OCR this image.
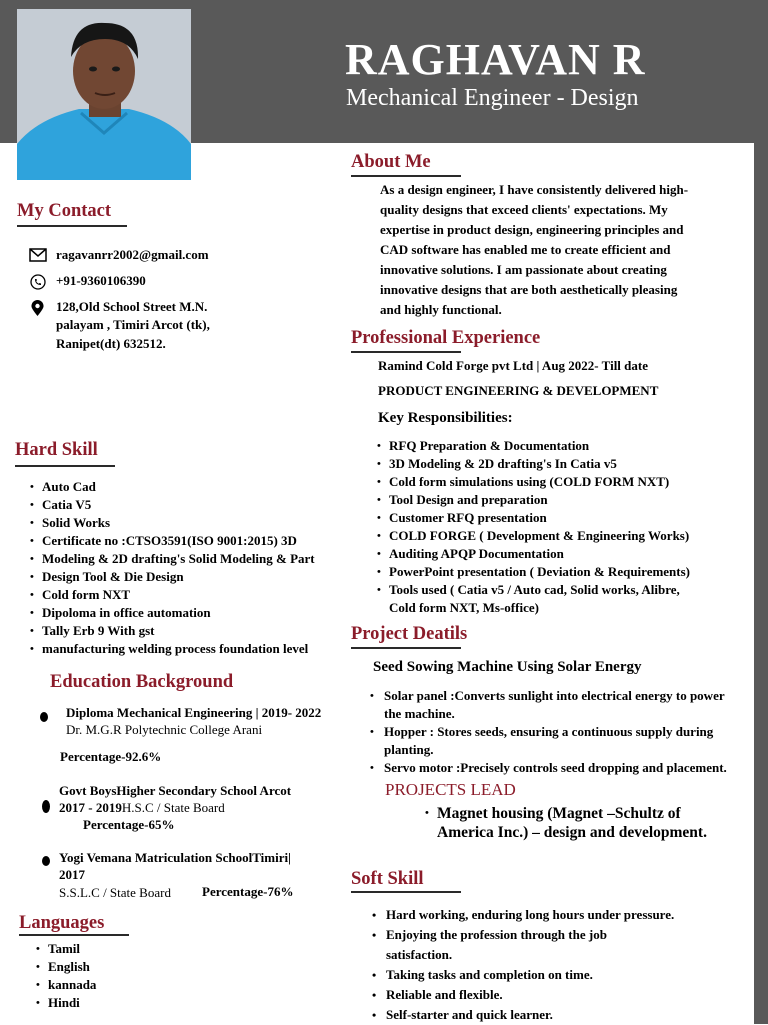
RAGHAVAN R
Mechanical Engineer - Design
My Contact
ragavanrr2002@gmail.com
+91-9360106390
128,Old School Street M.N.
palayam , Timiri Arcot (tk),
Ranipet(dt) 632512.
Hard Skill
• Auto Cad
• Catia V5
• Solid Works
• Certificate no :CTSO3591(ISO 9001:2015) 3D
• Modeling & 2D drafting's Solid Modeling & Part
• Design Tool & Die Design
• Cold form NXT
• Dipoloma in office automation
• Tally Erb 9 With gst
• manufacturing welding process foundation level
Education Background
Diploma Mechanical Engineering | 2019- 2022
Dr. M.G.R Polytechnic College Arani
Percentage-92.6%
Govt BoysHigher Secondary School Arcot
2017 - 2019H.S.C / State Board
Percentage-65%
Yogi Vemana Matriculation SchoolTimiri|
2017
S.S.L.C / State Board Percentage-76%
Languages
• Tamil
• English
• kannada
• Hindi
About Me
As a design engineer, I have consistently delivered high-
quality designs that exceed clients' expectations. My
expertise in product design, engineering principles and
CAD software has enabled me to create efficient and
innovative solutions. I am passionate about creating
innovative designs that are both aesthetically pleasing
and highly functional.
Professional Experience
Ramind Cold Forge pvt Ltd | Aug 2022- Till date
PRODUCT ENGINEERING & DEVELOPMENT
Key Responsibilities:
• RFQ Preparation & Documentation
• 3D Modeling & 2D drafting's In Catia v5
• Cold form simulations using (COLD FORM NXT)
• Tool Design and preparation
• Customer RFQ presentation
• COLD FORGE ( Development & Engineering Works)
• Auditing APQP Documentation
• PowerPoint presentation ( Deviation & Requirements)
• Tools used ( Catia v5 / Auto cad, Solid works, Alibre,
Cold form NXT, Ms-office)
Project Deatils
Seed Sowing Machine Using Solar Energy
• Solar panel :Converts sunlight into electrical energy to power
the machine.
• Hopper : Stores seeds, ensuring a continuous supply during
planting.
• Servo motor :Precisely controls seed dropping and placement.
PROJECTS LEAD
• Magnet housing (Magnet –Schultz of
America Inc.) – design and development.
Soft Skill
• Hard working, enduring long hours under pressure.
• Enjoying the profession through the job
satisfaction.
• Taking tasks and completion on time.
• Reliable and flexible.
• Self-starter and quick learner.
